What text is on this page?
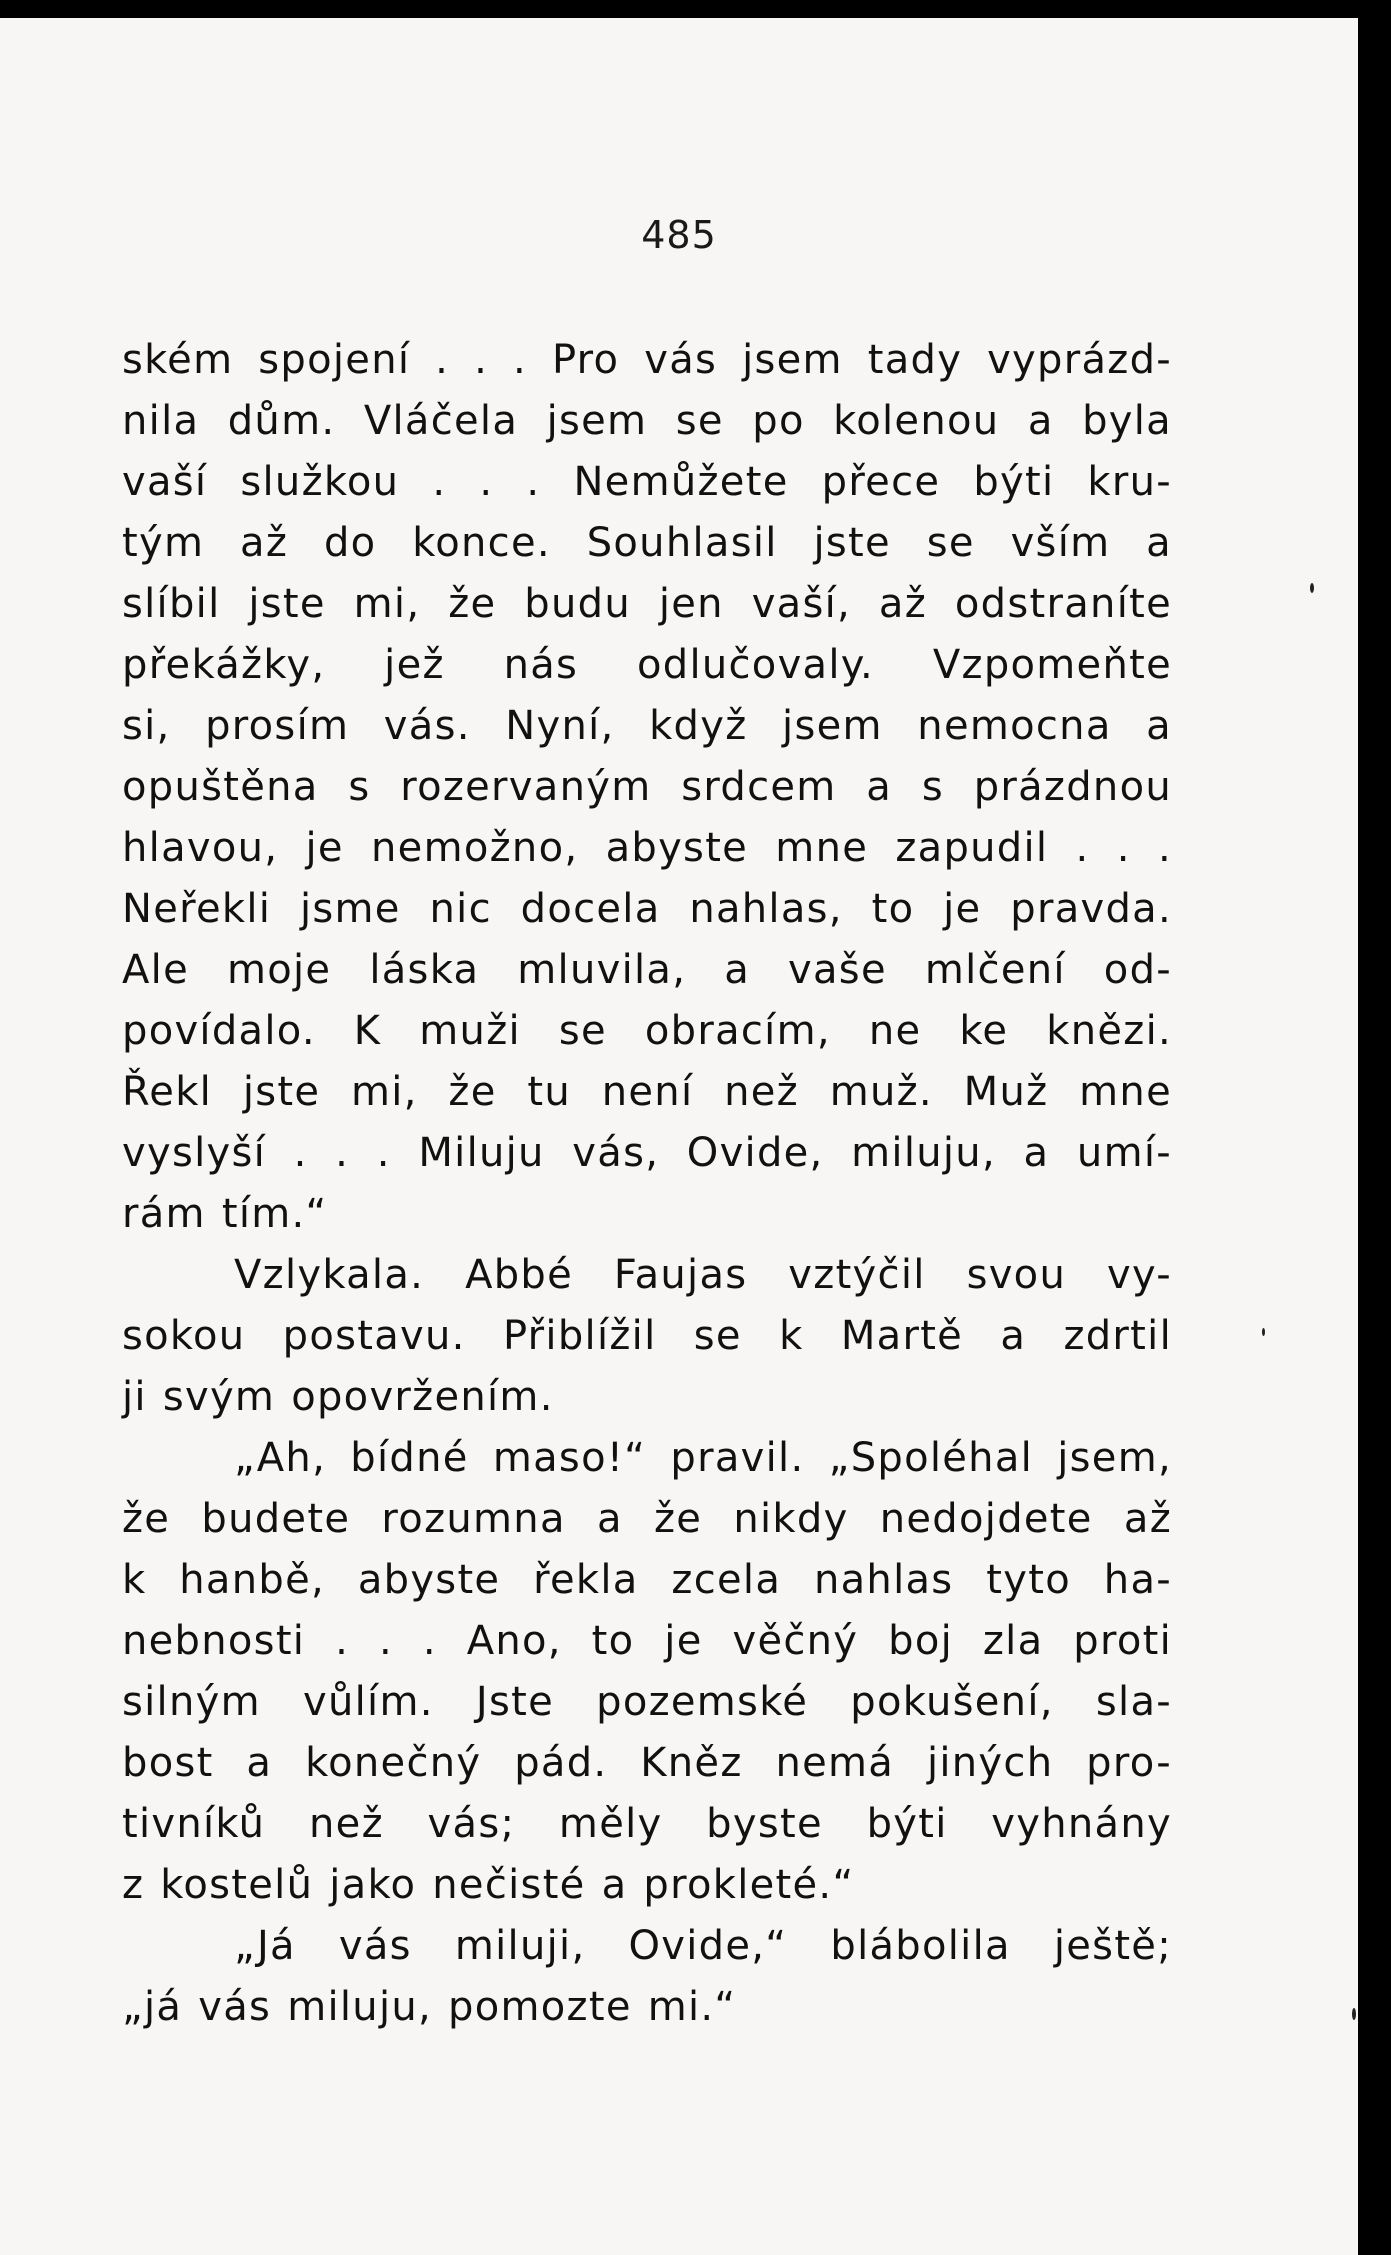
485
ském spojení . . . Pro vás jsem tady vyprázd-
nila dům. Vláčela jsem se po kolenou a byla
vaší služkou . . . Nemůžete přece býti kru-
tým až do konce. Souhlasil jste se vším a
slíbil jste mi, že budu jen vaší, až odstraníte
překážky, jež nás odlučovaly. Vzpomeňte
si, prosím vás. Nyní, když jsem nemocna a
opuštěna s rozervaným srdcem a s prázdnou
hlavou, je nemožno, abyste mne zapudil . . .
Neřekli jsme nic docela nahlas, to je pravda.
Ale moje láska mluvila, a vaše mlčení od-
povídalo. K muži se obracím, ne ke knězi.
Řekl jste mi, že tu není než muž. Muž mne
vyslyší . . . Miluju vás, Ovide, miluju, a umí-
rám tím.“
Vzlykala. Abbé Faujas vztýčil svou vy-
sokou postavu. Přiblížil se k Martě a zdrtil
ji svým opovržením.
„Ah, bídné maso!“ pravil. „Spoléhal jsem,
že budete rozumna a že nikdy nedojdete až
k hanbě, abyste řekla zcela nahlas tyto ha-
nebnosti . . . Ano, to je věčný boj zla proti
silným vůlím. Jste pozemské pokušení, sla-
bost a konečný pád. Kněz nemá jiných pro-
tivníků než vás; měly byste býti vyhnány
z kostelů jako nečisté a prokleté.“
„Já vás miluji, Ovide,“ blábolila ještě;
„já vás miluju, pomozte mi.“
